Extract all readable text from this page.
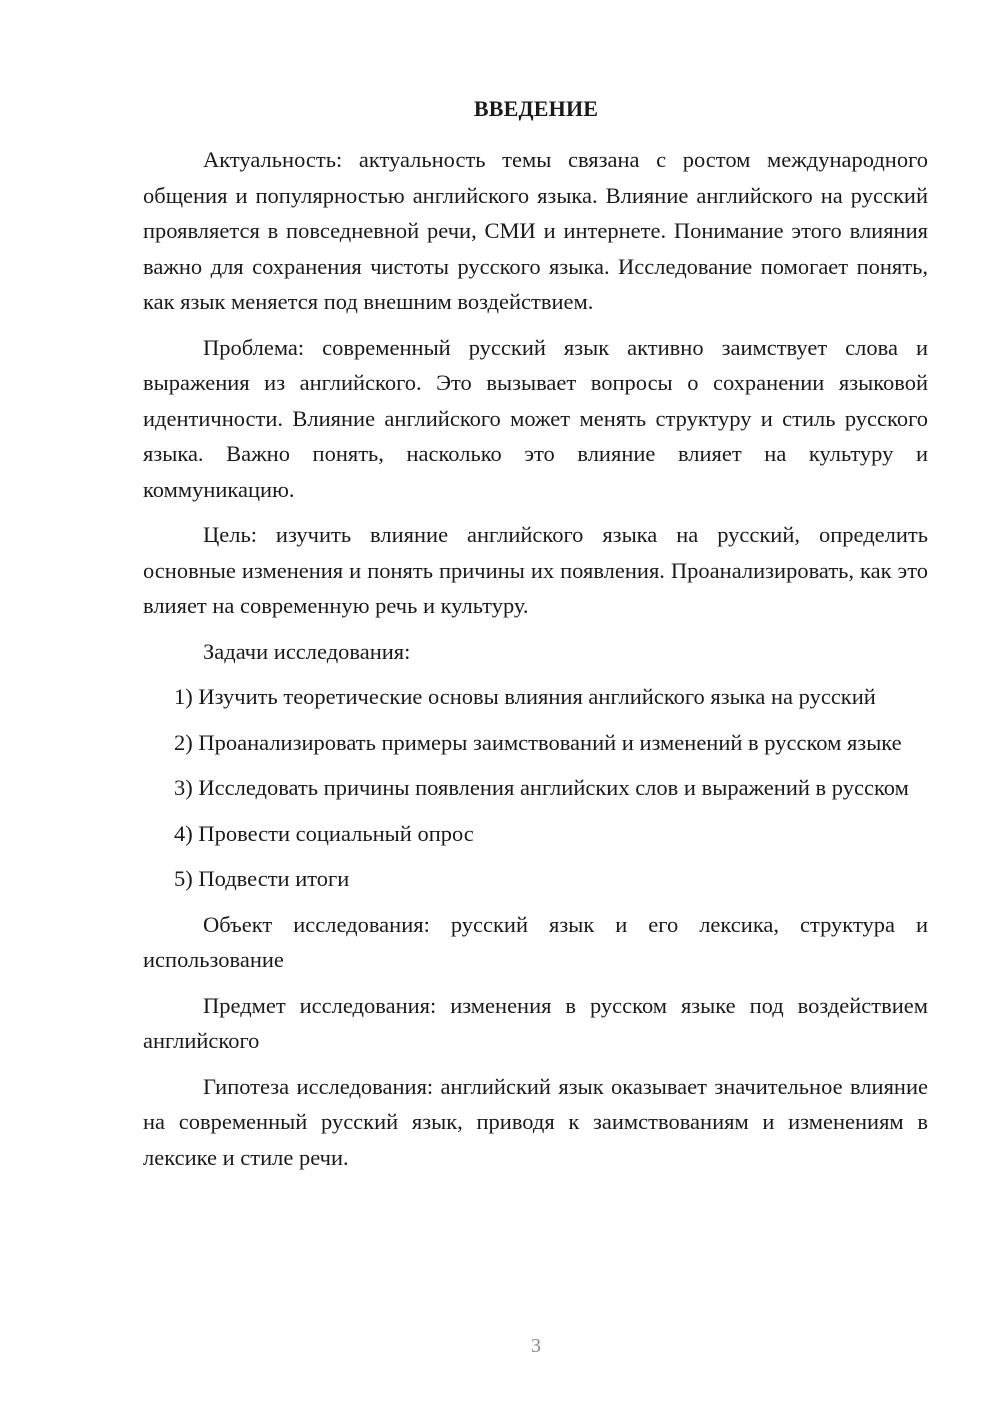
ВВЕДЕНИЕ

Актуальность: актуальность темы связана с ростом международного общения и популярностью английского языка. Влияние английского на русский проявляется в повседневной речи, СМИ и интернете. Понимание этого влияния важно для сохранения чистоты русского языка. Исследование помогает понять, как язык меняется под внешним воздействием.

Проблема: современный русский язык активно заимствует слова и выражения из английского. Это вызывает вопросы о сохранении языковой идентичности. Влияние английского может менять структуру и стиль русского языка. Важно понять, насколько это влияние влияет на культуру и коммуникацию.

Цель: изучить влияние английского языка на русский, определить основные изменения и понять причины их появления. Проанализировать, как это влияет на современную речь и культуру.

Задачи исследования:

1) Изучить теоретические основы влияния английского языка на русский

2) Проанализировать примеры заимствований и изменений в русском языке

3) Исследовать причины появления английских слов и выражений в русском

4) Провести социальный опрос

5) Подвести итоги

Объект исследования: русский язык и его лексика, структура и использование

Предмет исследования: изменения в русском языке под воздействием английского

Гипотеза исследования: английский язык оказывает значительное влияние на современный русский язык, приводя к заимствованиям и изменениям в лексике и стиле речи.

3
